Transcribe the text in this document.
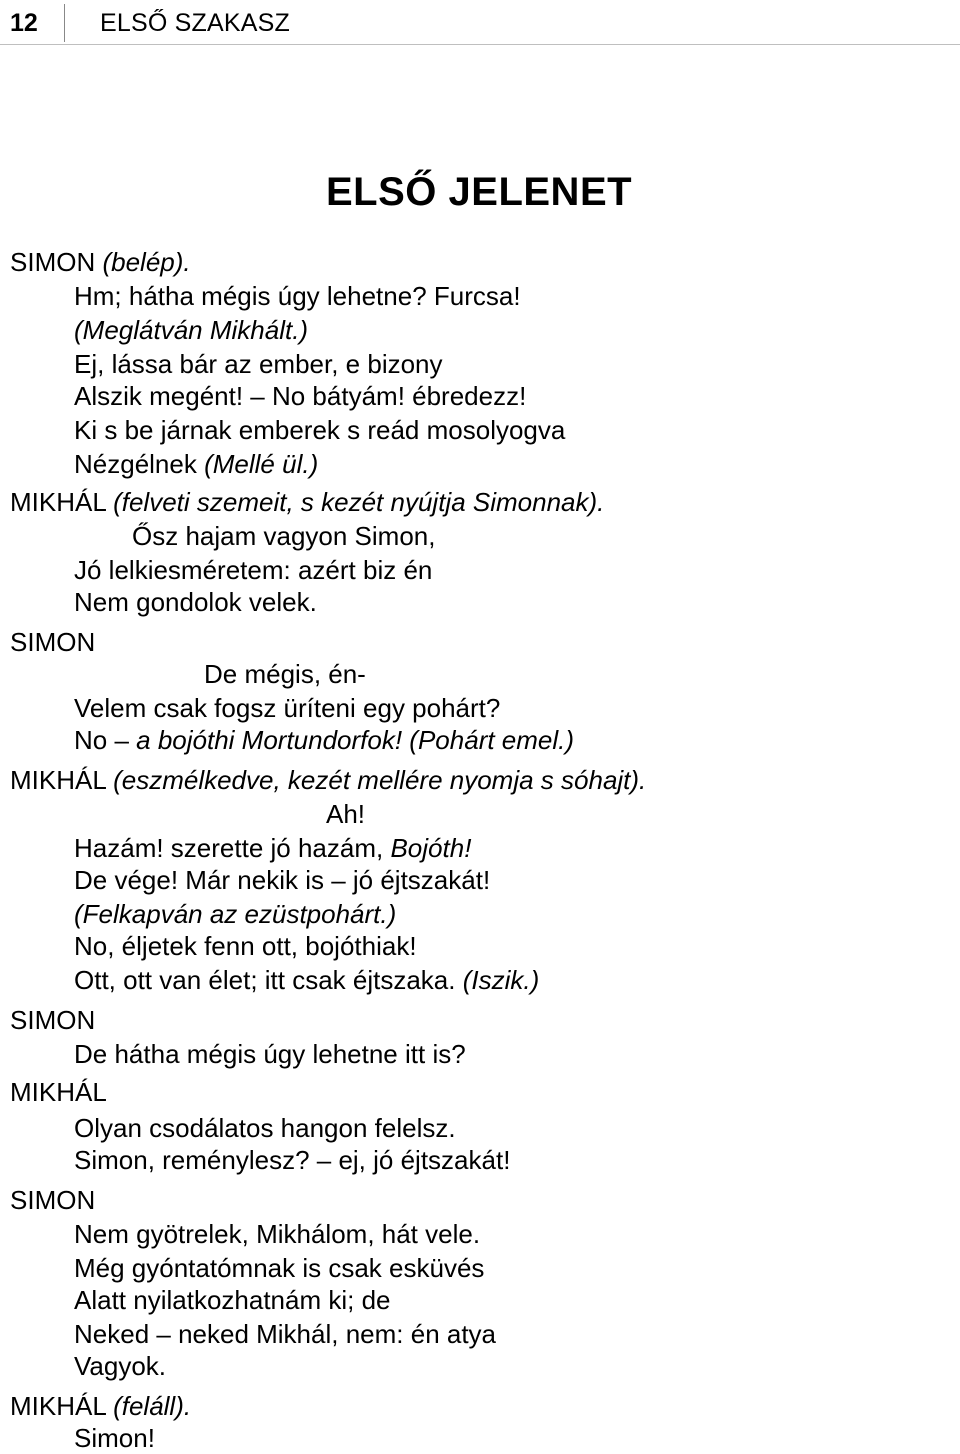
12 ELSŐ SZAKASZ
ELSŐ JELENET
SIMON (belép).
Hm; hátha mégis úgy lehetne? Furcsa!
(Meglátván Mikhált.)
Ej, lássa bár az ember, e bizony
Alszik megént! – No bátyám! ébredezz!
Ki s be járnak emberek s reád mosolyogva
Nézgélnek (Mellé ül.)
MIKHÁL (felveti szemeit, s kezét nyújtja Simonnak).
Ősz hajam vagyon Simon,
Jó lelkiesméretem: azért biz én
Nem gondolok velek.
SIMON
De mégis, én-
Velem csak fogsz üríteni egy pohárt?
No – a bojóthi Mortundorfok! (Pohárt emel.)
MIKHÁL (eszmélkedve, kezét mellére nyomja s sóhajt).
Ah!
Hazám! szerette jó hazám, Bojóth!
De vége! Már nekik is – jó éjtszakát!
(Felkapván az ezüstpohárt.)
No, éljetek fenn ott, bojóthiak!
Ott, ott van élet; itt csak éjtszaka. (Iszik.)
SIMON
De hátha mégis úgy lehetne itt is?
MIKHÁL
Olyan csodálatos hangon felelsz.
Simon, reménylesz? – ej, jó éjtszakát!
SIMON
Nem gyötrelek, Mikhálom, hát vele.
Még gyóntatómnak is csak esküvés
Alatt nyilatkozhatnám ki; de
Neked – neked Mikhál, nem: én atya
Vagyok.
MIKHÁL (feláll).
Simon!
